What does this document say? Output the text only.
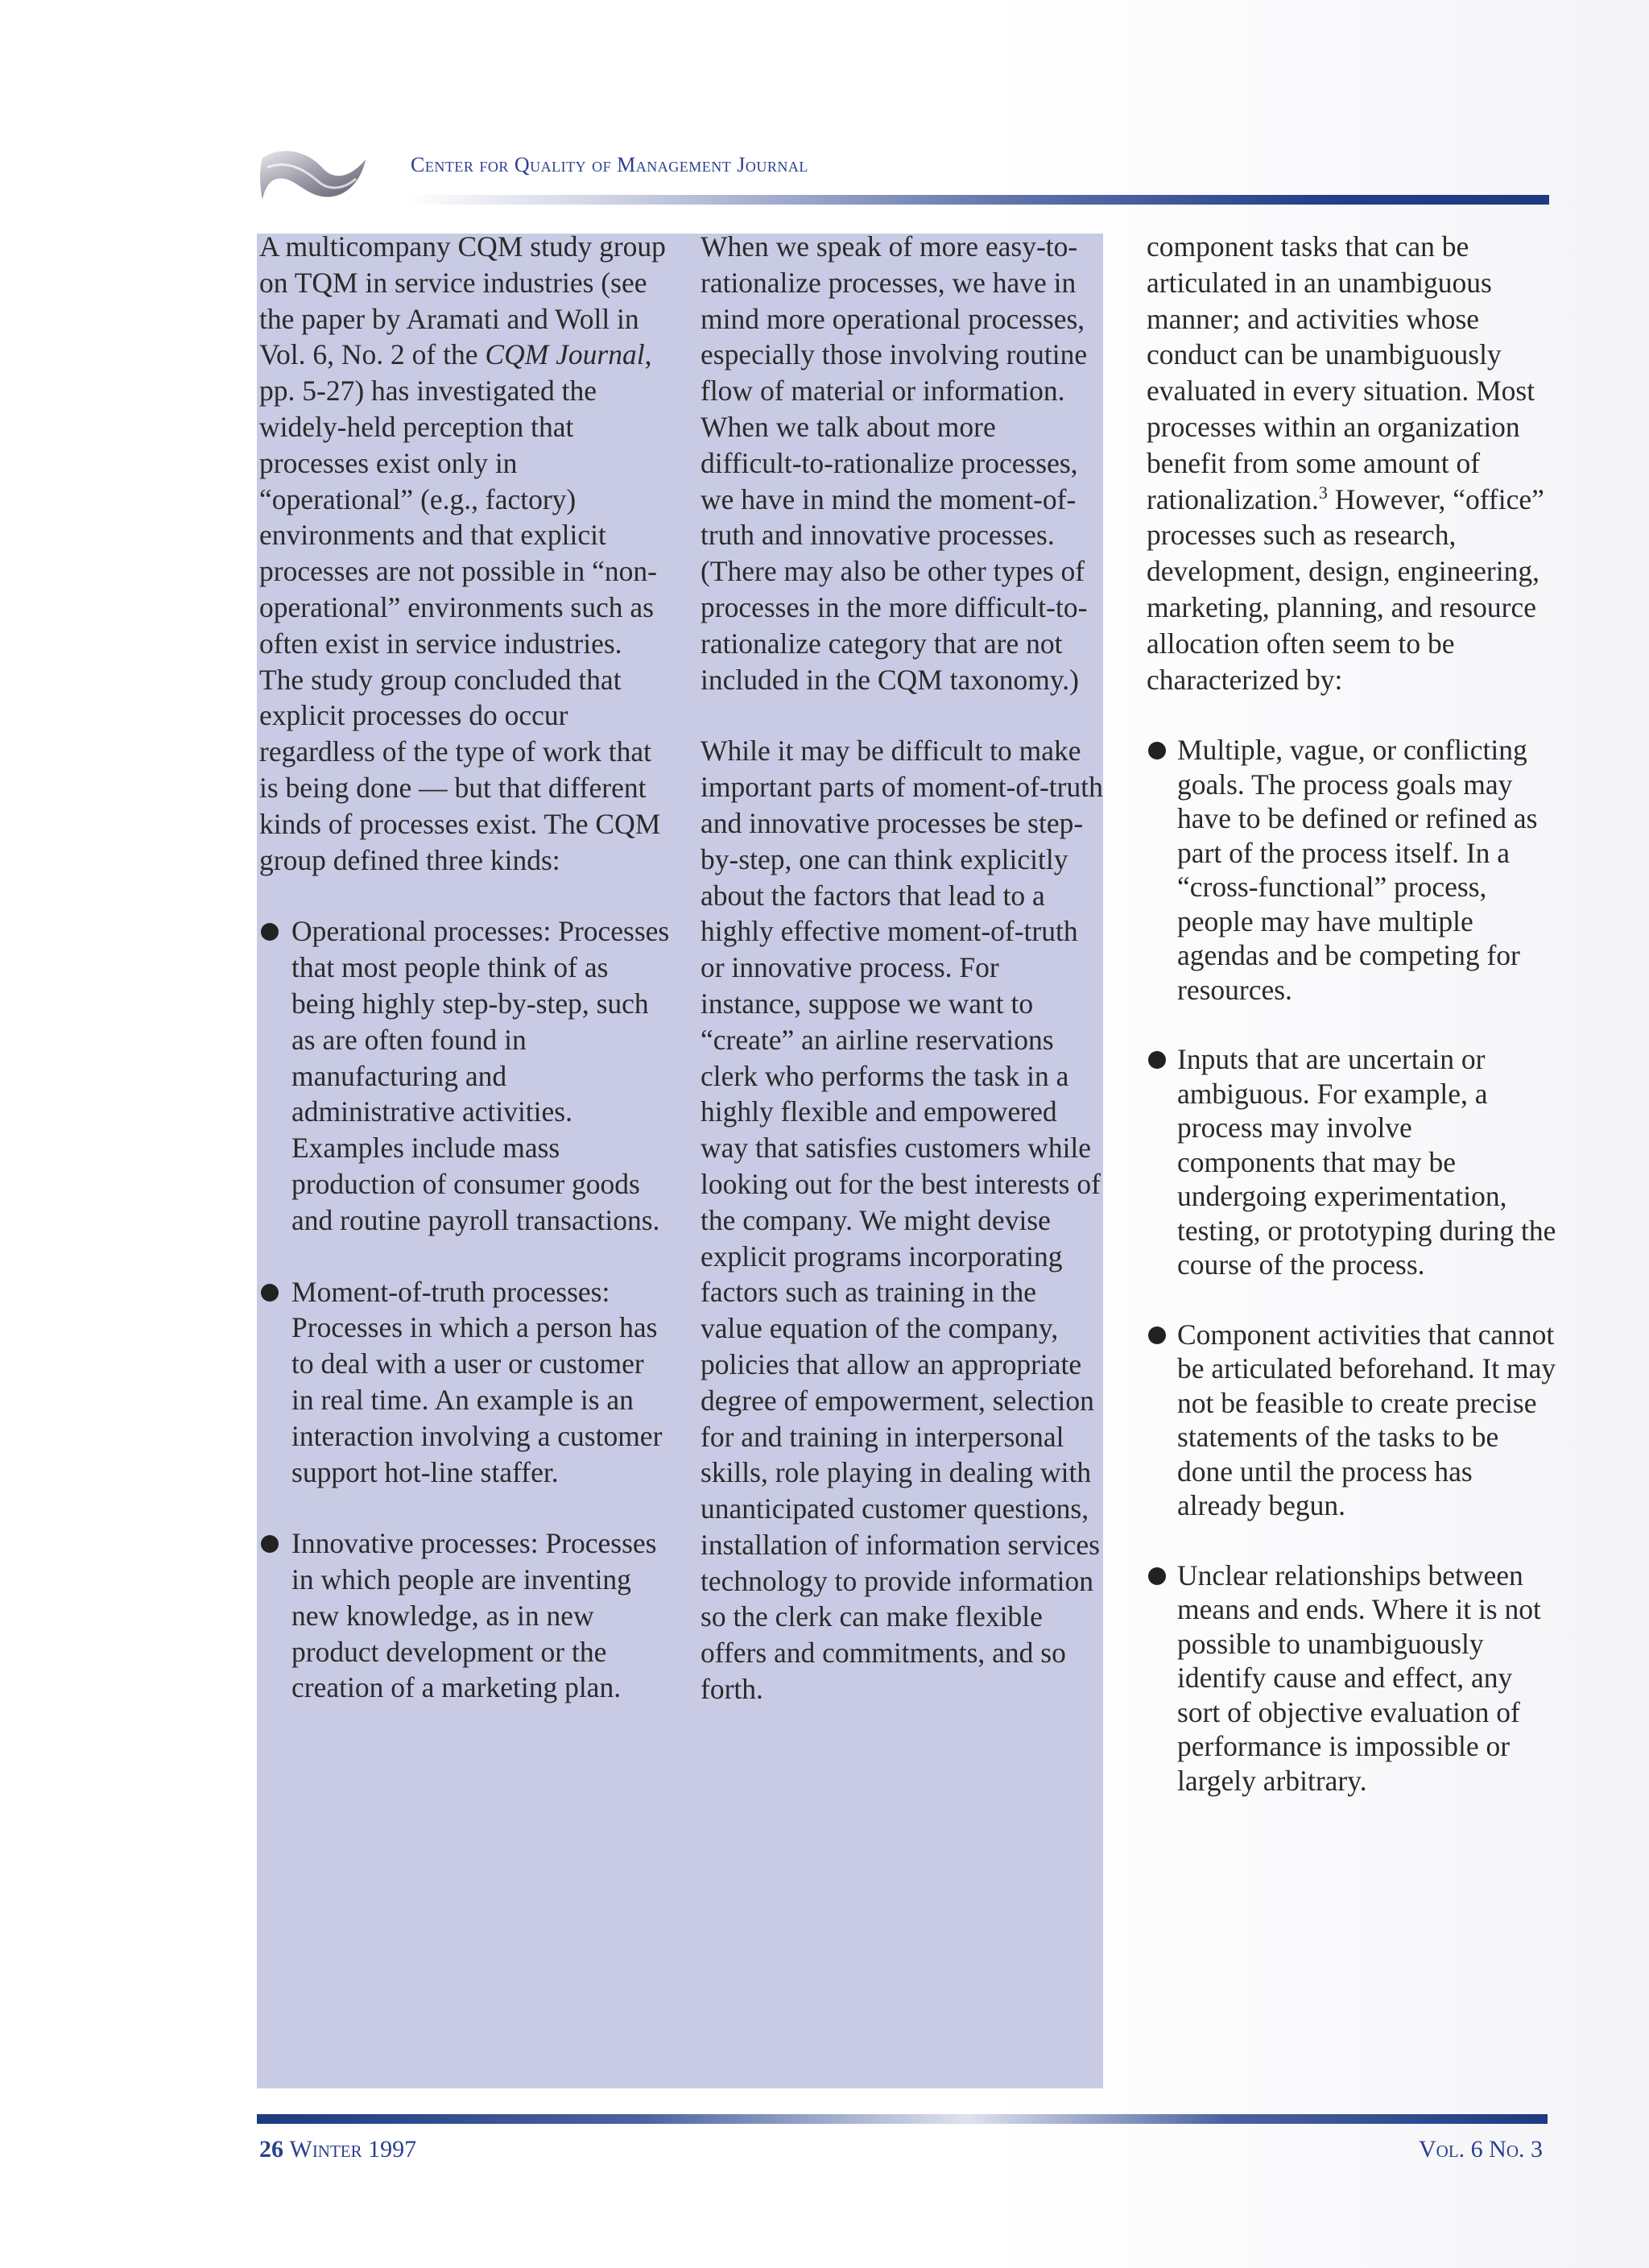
Center for Quality of Management Journal

A multicompany CQM study group on TQM in service industries (see the paper by Aramati and Woll in Vol. 6, No. 2 of the CQM Journal, pp. 5-27) has investigated the widely-held perception that processes exist only in “operational” (e.g., factory) environments and that explicit processes are not possible in “non-operational” environments such as often exist in service industries. The study group concluded that explicit processes do occur regardless of the type of work that is being done — but that different kinds of processes exist. The CQM group defined three kinds:

Operational processes: Processes that most people think of as being highly step-by-step, such as are often found in manufacturing and administrative activities. Examples include mass production of consumer goods and routine payroll transactions.
Moment-of-truth processes: Processes in which a person has to deal with a user or customer in real time. An example is an interaction involving a customer support hot-line staffer.
Innovative processes: Processes in which people are inventing new knowledge, as in new product development or the creation of a marketing plan.

When we speak of more easy-to-rationalize processes, we have in mind more operational processes, especially those involving routine flow of material or information. When we talk about more difficult-to-rationalize processes, we have in mind the moment-of-truth and innovative processes. (There may also be other types of processes in the more difficult-to-rationalize category that are not included in the CQM taxonomy.)

While it may be difficult to make important parts of moment-of-truth and innovative processes be step-by-step, one can think explicitly about the factors that lead to a highly effective moment-of-truth or innovative process. For instance, suppose we want to “create” an airline reservations clerk who performs the task in a highly flexible and empowered way that satisfies customers while looking out for the best interests of the company. We might devise explicit programs incorporating factors such as training in the value equation of the company, policies that allow an appropriate degree of empowerment, selection for and training in interpersonal skills, role playing in dealing with unanticipated customer questions, installation of information services technology to provide information so the clerk can make flexible offers and commitments, and so forth.

component tasks that can be articulated in an unambiguous manner; and activities whose conduct can be unambiguously evaluated in every situation. Most processes within an organization benefit from some amount of rationalization.$^3$ However, “office” processes such as research, development, design, engineering, marketing, planning, and resource allocation often seem to be characterized by:

Multiple, vague, or conflicting goals. The process goals may have to be defined or refined as part of the process itself. In a “cross-functional” process, people may have multiple agendas and be competing for resources.
Inputs that are uncertain or ambiguous. For example, a process may involve components that may be undergoing experimentation, testing, or prototyping during the course of the process.
Component activities that cannot be articulated beforehand. It may not be feasible to create precise statements of the tasks to be done until the process has already begun.
Unclear relationships between means and ends. Where it is not possible to unambiguously identify cause and effect, any sort of objective evaluation of performance is impossible or largely arbitrary.
26 Winter 1997	Vol. 6 No. 3
